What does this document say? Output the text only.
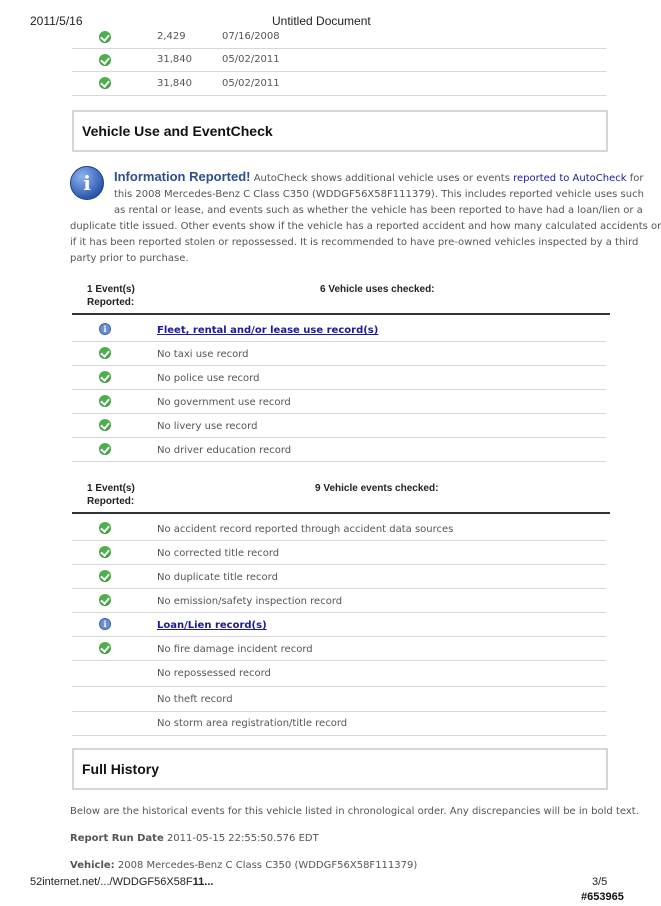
2011/5/16	Untitled Document
2,429	07/16/2008
31,840	05/02/2011
31,840	05/02/2011
Vehicle Use and EventCheck
i	Information Reported! AutoCheck shows additional vehicle uses or events reported to AutoCheck for
this 2008 Mercedes-Benz C Class C350 (WDDGF56X58F111379). This includes reported vehicle uses such
as rental or lease, and events such as whether the vehicle has been reported to have had a loan/lien or a
duplicate title issued. Other events show if the vehicle has a reported accident and how many calculated accidents or
if it has been reported stolen or repossessed. It is recommended to have pre-owned vehicles inspected by a third
party prior to purchase.
1 Event(s)
Reported:
6 Vehicle uses checked:
i	Fleet, rental and/or lease use record(s)
No taxi use record
No police use record
No government use record
No livery use record
No driver education record
1 Event(s)
Reported:
9 Vehicle events checked:
No accident record reported through accident data sources
No corrected title record
No duplicate title record
No emission/safety inspection record
i	Loan/Lien record(s)
No fire damage incident record
No repossessed record
No theft record
No storm area registration/title record
Full History
Below are the historical events for this vehicle listed in chronological order. Any discrepancies will be in bold text.
Report Run Date 2011-05-15 22:55:50.576 EDT
Vehicle: 2008 Mercedes-Benz C Class C350 (WDDGF56X58F111379)
52internet.net/.../WDDGF56X58F11...	3/5
#653965
